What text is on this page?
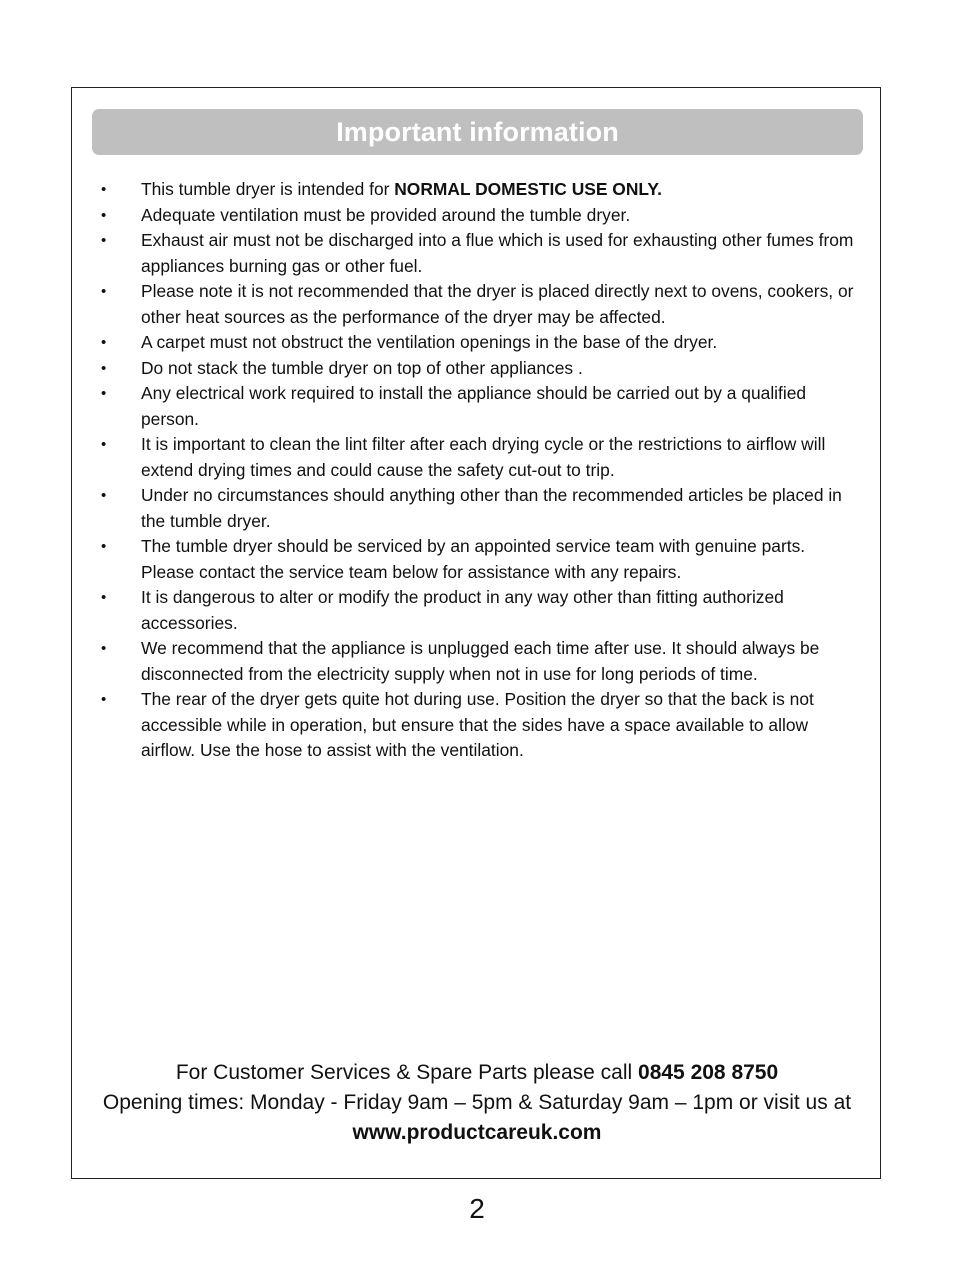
Important information
• This tumble dryer is intended for NORMAL DOMESTIC USE ONLY.
• Adequate ventilation must be provided around the tumble dryer.
• Exhaust air must not be discharged into a flue which is used for exhausting other fumes from appliances burning gas or other fuel.
• Please note it is not recommended that the dryer is placed directly next to ovens, cookers, or other heat sources as the performance of the dryer may be affected.
• A carpet must not obstruct the ventilation openings in the base of the dryer.
• Do not stack the tumble dryer on top of other appliances .
• Any electrical work required to install the appliance should be carried out by a qualified person.
• It is important to clean the lint filter after each drying cycle or the restrictions to airflow will extend drying times and could cause the safety cut-out to trip.
• Under no circumstances should anything other than the recommended articles be placed in the tumble dryer.
• The tumble dryer should be serviced by an appointed service team with genuine parts. Please contact the service team below for assistance with any repairs.
• It is dangerous to alter or modify the product in any way other than fitting authorized accessories.
• We recommend that the appliance is unplugged each time after use. It should always be disconnected from the electricity supply when not in use for long periods of time.
• The rear of the dryer gets quite hot during use. Position the dryer so that the back is not accessible while in operation, but ensure that the sides have a space available to allow airflow. Use the hose to assist with the ventilation.
For Customer Services & Spare Parts please call 0845 208 8750
Opening times: Monday - Friday 9am – 5pm & Saturday 9am – 1pm or visit us at www.productcareuk.com
2
